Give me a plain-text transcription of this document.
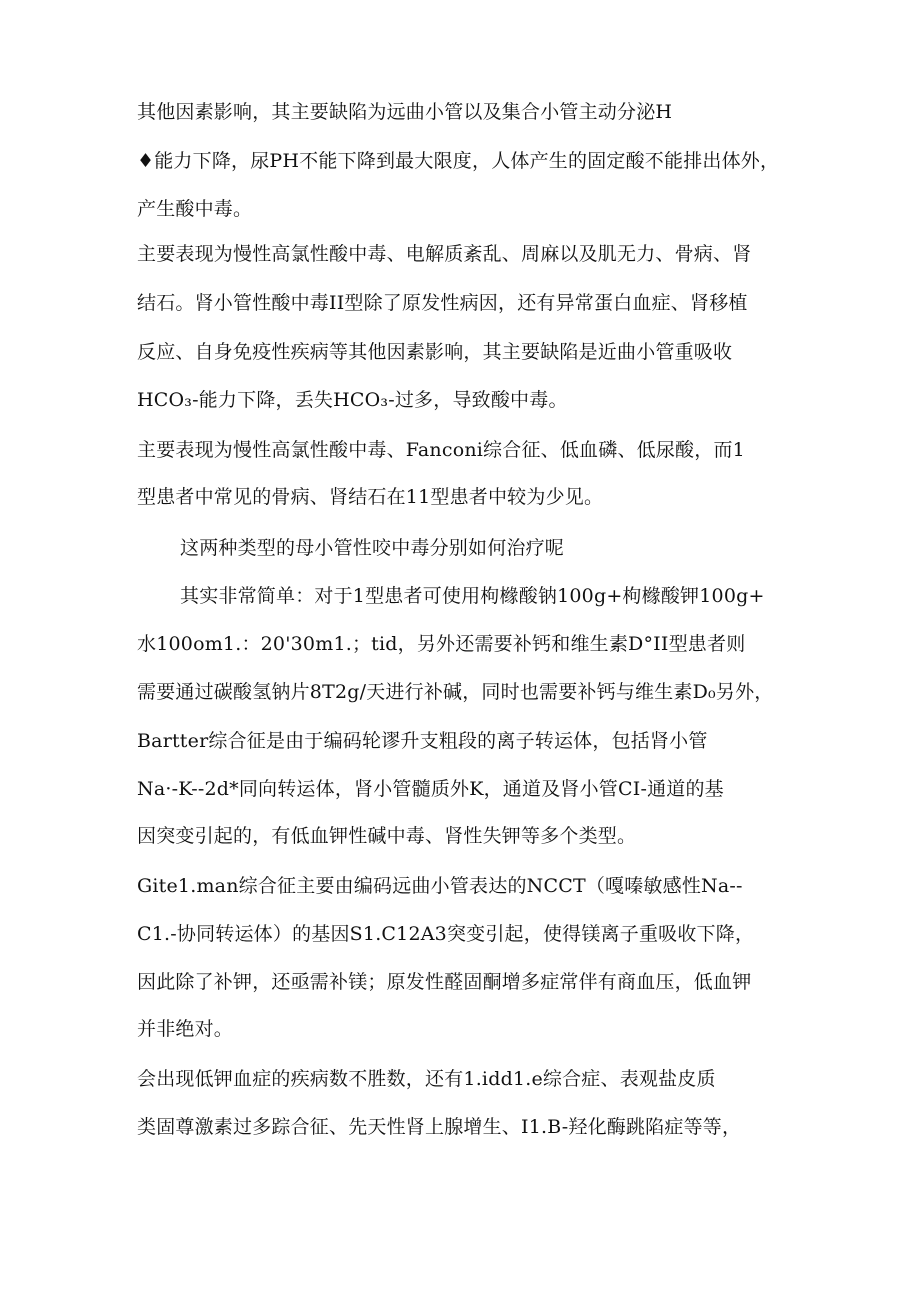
其他因素影响，其主要缺陷为远曲小管以及集合小管主动分泌H
♦能力下降，尿PH不能下降到最大限度，人体产生的固定酸不能排出体外，
产生酸中毒。
主要表现为慢性高氯性酸中毒、电解质紊乱、周麻以及肌无力、骨病、肾
结石。肾小管性酸中毒II型除了原发性病因，还有异常蛋白血症、肾移植
反应、自身免疫性疾病等其他因素影响，其主要缺陷是近曲小管重吸收
HCO₃-能力下降，丢失HCO₃-过多，导致酸中毒。
主要表现为慢性高氯性酸中毒、Fanconi综合征、低血磷、低尿酸，而1
型患者中常见的骨病、肾结石在11型患者中较为少见。
这两种类型的母小管性咬中毒分别如何治疗呢
其实非常简单：对于1型患者可使用枸橼酸钠100g+枸橼酸钾100g+
水100om1.：20'30m1.；tid，另外还需要补钙和维生素D°II型患者则
需要通过碳酸氢钠片8T2g∕天进行补碱，同时也需要补钙与维生素D₀另外，
Bartter综合征是由于编码轮谬升支粗段的离子转运体，包括肾小管
Na·-K--2d*同向转运体，肾小管髓质外K，通道及肾小管CI-通道的基
因突变引起的，有低血钾性碱中毒、肾性失钾等多个类型。
Gite1.man综合征主要由编码远曲小管表达的NCCT（嘎嗪敏感性Na--
C1.-协同转运体）的基因S1.C12A3突变引起，使得镁离子重吸收下降，
因此除了补钾，还亟需补镁；原发性醛固酮增多症常伴有商血压，低血钾
并非绝对。
会出现低钾血症的疾病数不胜数，还有1.idd1.e综合症、表观盐皮质
类固尊激素过多踪合征、先天性肾上腺增生、I1.B-羟化酶跳陷症等等，
